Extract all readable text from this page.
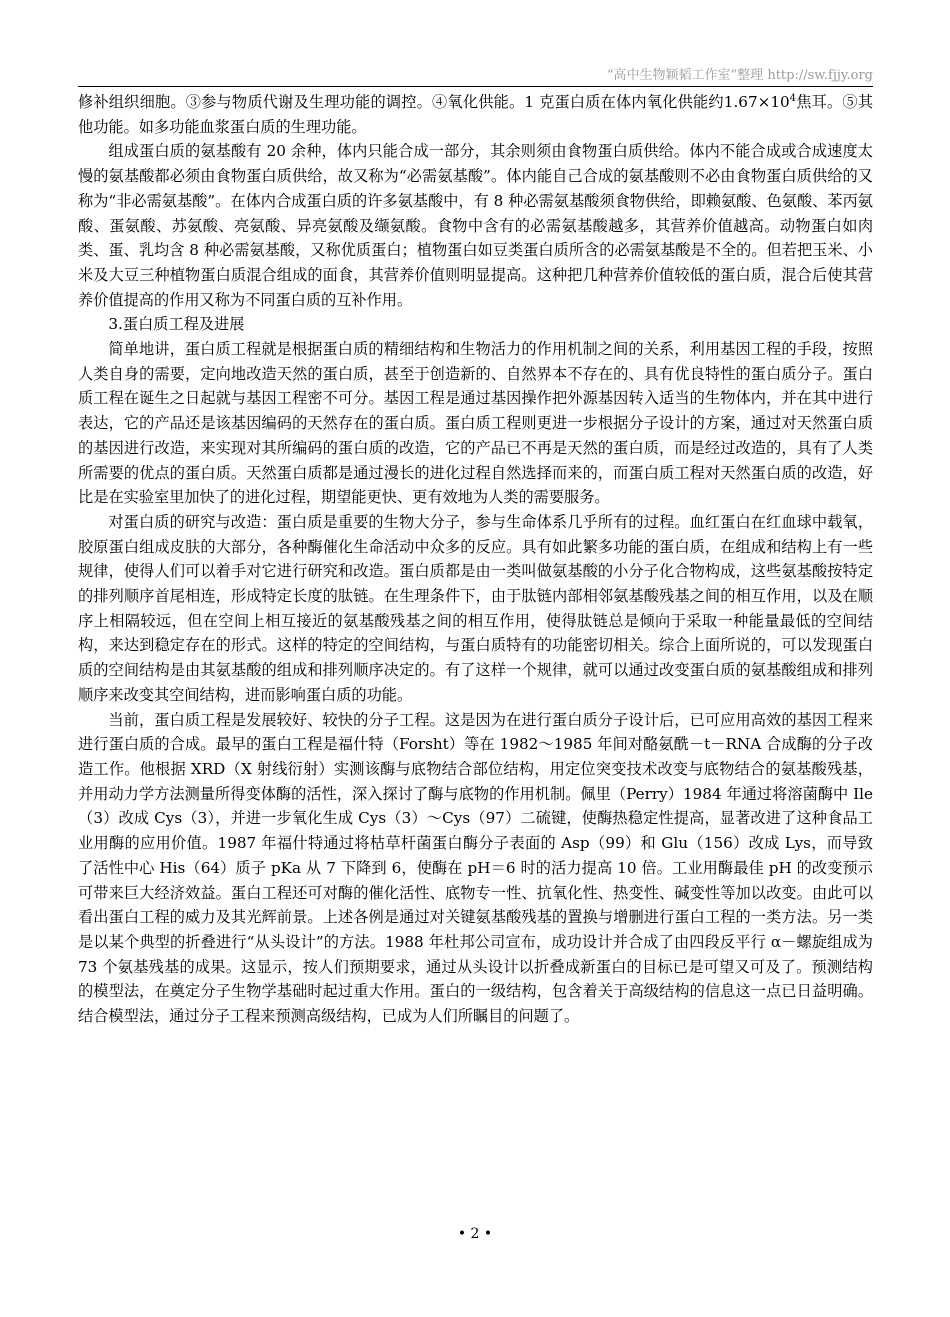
“高中生物颖韬工作室”整理 http://sw.fjjy.org

修补组织细胞。③参与物质代谢及生理功能的调控。④氧化供能。1 克蛋白质在体内氧化供能约$1.67\times 10^4$焦耳。⑤其他功能。如多功能血浆蛋白质的生理功能。

组成蛋白质的氨基酸有 20 余种，体内只能合成一部分，其余则须由食物蛋白质供给。体内不能合成或合成速度太慢的氨基酸都必须由食物蛋白质供给，故又称为“必需氨基酸”。体内能自己合成的氨基酸则不必由食物蛋白质供给的又称为“非必需氨基酸”。在体内合成蛋白质的许多氨基酸中，有 8 种必需氨基酸须食物供给，即赖氨酸、色氨酸、苯丙氨酸、蛋氨酸、苏氨酸、亮氨酸、异亮氨酸及缬氨酸。食物中含有的必需氨基酸越多，其营养价值越高。动物蛋白如肉类、蛋、乳均含 8 种必需氨基酸，又称优质蛋白；植物蛋白如豆类蛋白质所含的必需氨基酸是不全的。但若把玉米、小米及大豆三种植物蛋白质混合组成的面食，其营养价值则明显提高。这种把几种营养价值较低的蛋白质，混合后使其营养价值提高的作用又称为不同蛋白质的互补作用。

3.蛋白质工程及进展

简单地讲，蛋白质工程就是根据蛋白质的精细结构和生物活力的作用机制之间的关系，利用基因工程的手段，按照人类自身的需要，定向地改造天然的蛋白质，甚至于创造新的、自然界本不存在的、具有优良特性的蛋白质分子。蛋白质工程在诞生之日起就与基因工程密不可分。基因工程是通过基因操作把外源基因转入适当的生物体内，并在其中进行表达，它的产品还是该基因编码的天然存在的蛋白质。蛋白质工程则更进一步根据分子设计的方案，通过对天然蛋白质的基因进行改造，来实现对其所编码的蛋白质的改造，它的产品已不再是天然的蛋白质，而是经过改造的，具有了人类所需要的优点的蛋白质。天然蛋白质都是通过漫长的进化过程自然选择而来的，而蛋白质工程对天然蛋白质的改造，好比是在实验室里加快了的进化过程，期望能更快、更有效地为人类的需要服务。

对蛋白质的研究与改造：蛋白质是重要的生物大分子，参与生命体系几乎所有的过程。血红蛋白在红血球中载氧，胶原蛋白组成皮肤的大部分，各种酶催化生命活动中众多的反应。具有如此繁多功能的蛋白质，在组成和结构上有一些规律，使得人们可以着手对它进行研究和改造。蛋白质都是由一类叫做氨基酸的小分子化合物构成，这些氨基酸按特定的排列顺序首尾相连，形成特定长度的肽链。在生理条件下，由于肽链内部相邻氨基酸残基之间的相互作用，以及在顺序上相隔较远，但在空间上相互接近的氨基酸残基之间的相互作用，使得肽链总是倾向于采取一种能量最低的空间结构，来达到稳定存在的形式。这样的特定的空间结构，与蛋白质特有的功能密切相关。综合上面所说的，可以发现蛋白质的空间结构是由其氨基酸的组成和排列顺序决定的。有了这样一个规律，就可以通过改变蛋白质的氨基酸组成和排列顺序来改变其空间结构，进而影响蛋白质的功能。

当前，蛋白质工程是发展较好、较快的分子工程。这是因为在进行蛋白质分子设计后，已可应用高效的基因工程来进行蛋白质的合成。最早的蛋白工程是福什特（Forsht）等在 1982～1985 年间对酪氨酰－t－RNA 合成酶的分子改造工作。他根据 XRD（X 射线衍射）实测该酶与底物结合部位结构，用定位突变技术改变与底物结合的氨基酸残基，并用动力学方法测量所得变体酶的活性，深入探讨了酶与底物的作用机制。佩里（Perry）1984 年通过将溶菌酶中 Ile（3）改成 Cys（3），并进一步氧化生成 Cys（3）～Cys（97）二硫键，使酶热稳定性提高，显著改进了这种食品工业用酶的应用价值。1987 年福什特通过将枯草杆菌蛋白酶分子表面的 Asp（99）和 Glu（156）改成 Lys，而导致了活性中心 His（64）质子 pKa 从 7 下降到 6，使酶在 pH＝6 时的活力提高 10 倍。工业用酶最佳 pH 的改变预示可带来巨大经济效益。蛋白工程还可对酶的催化活性、底物专一性、抗氧化性、热变性、碱变性等加以改变。由此可以看出蛋白工程的威力及其光辉前景。上述各例是通过对关键氨基酸残基的置换与增删进行蛋白工程的一类方法。另一类是以某个典型的折叠进行“从头设计”的方法。1988 年杜邦公司宣布，成功设计并合成了由四段反平行 α－螺旋组成为 73 个氨基残基的成果。这显示，按人们预期要求，通过从头设计以折叠成新蛋白的目标已是可望又可及了。预测结构的模型法，在奠定分子生物学基础时起过重大作用。蛋白的一级结构，包含着关于高级结构的信息这一点已日益明确。结合模型法，通过分子工程来预测高级结构，已成为人们所瞩目的问题了。

• 2 •
